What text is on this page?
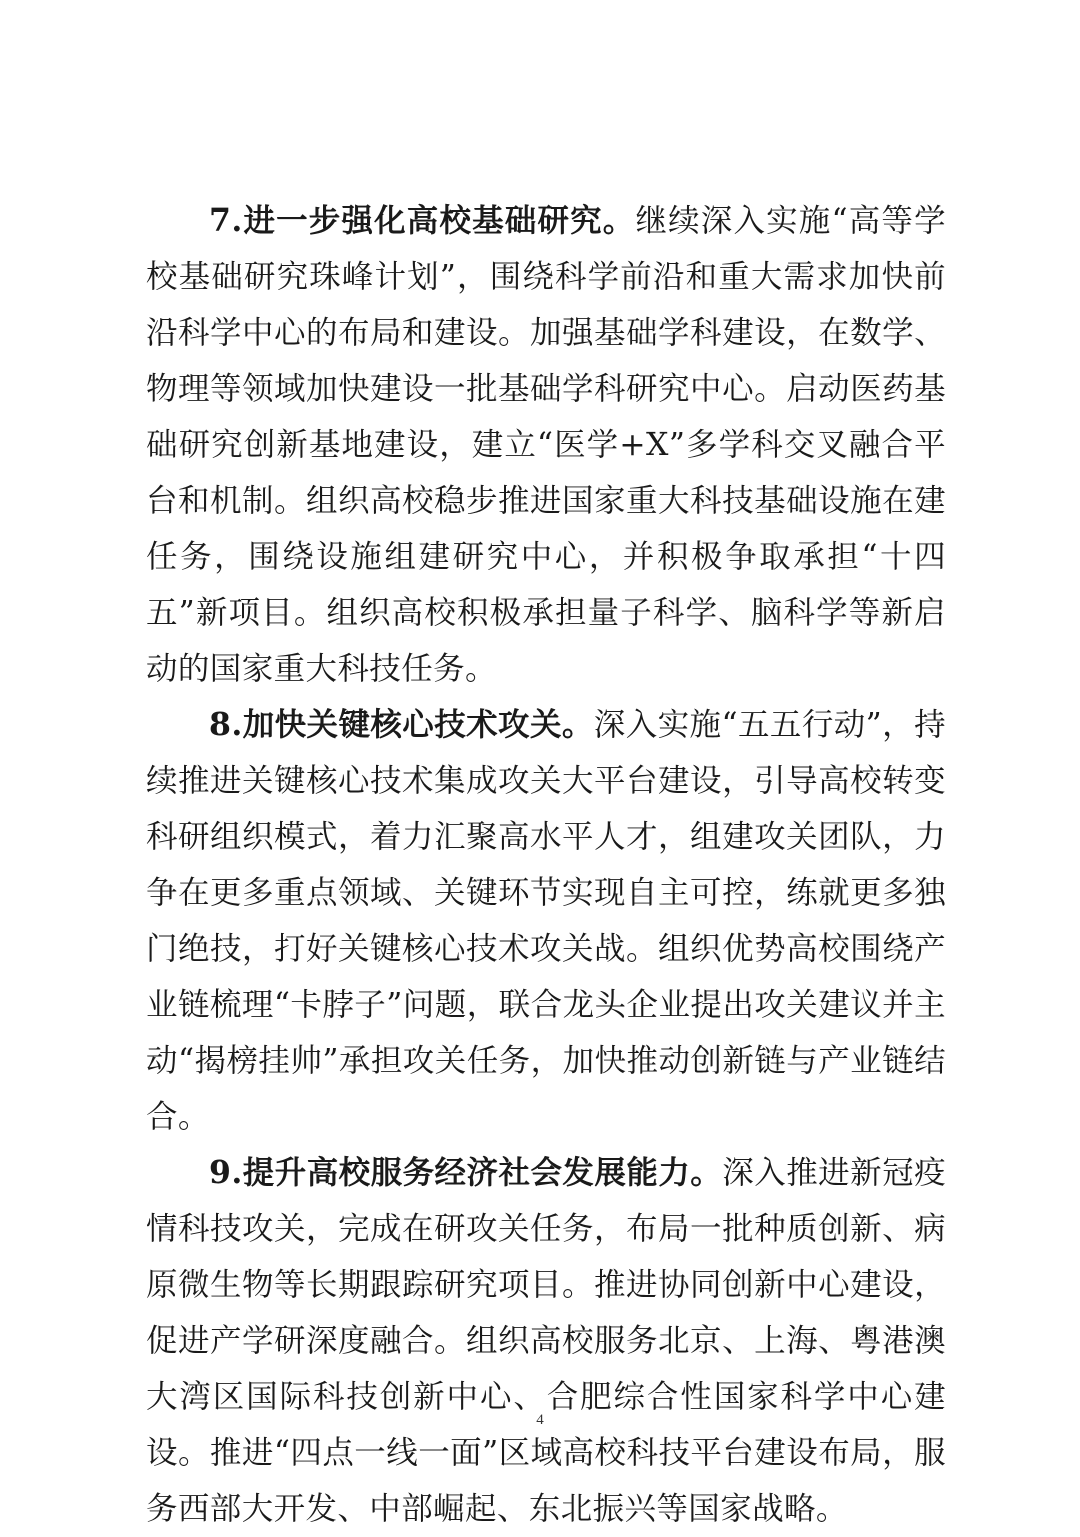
7.进一步强化高校基础研究。继续深入实施“高等学校基础研究珠峰计划”，围绕科学前沿和重大需求加快前沿科学中心的布局和建设。加强基础学科建设，在数学、物理等领域加快建设一批基础学科研究中心。启动医药基础研究创新基地建设，建立“医学+X”多学科交叉融合平台和机制。组织高校稳步推进国家重大科技基础设施在建任务，围绕设施组建研究中心，并积极争取承担“十四五”新项目。组织高校积极承担量子科学、脑科学等新启动的国家重大科技任务。

8.加快关键核心技术攻关。深入实施“五五行动”，持续推进关键核心技术集成攻关大平台建设，引导高校转变科研组织模式，着力汇聚高水平人才，组建攻关团队，力争在更多重点领域、关键环节实现自主可控，练就更多独门绝技，打好关键核心技术攻关战。组织优势高校围绕产业链梳理“卡脖子”问题，联合龙头企业提出攻关建议并主动“揭榜挂帅”承担攻关任务，加快推动创新链与产业链结合。

9.提升高校服务经济社会发展能力。深入推进新冠疫情科技攻关，完成在研攻关任务，布局一批种质创新、病原微生物等长期跟踪研究项目。推进协同创新中心建设，促进产学研深度融合。组织高校服务北京、上海、粤港澳大湾区国际科技创新中心、合肥综合性国家科学中心建设。推进“四点一线一面”区域高校科技平台建设布局，服务西部大开发、中部崛起、东北振兴等国家战略。

4
